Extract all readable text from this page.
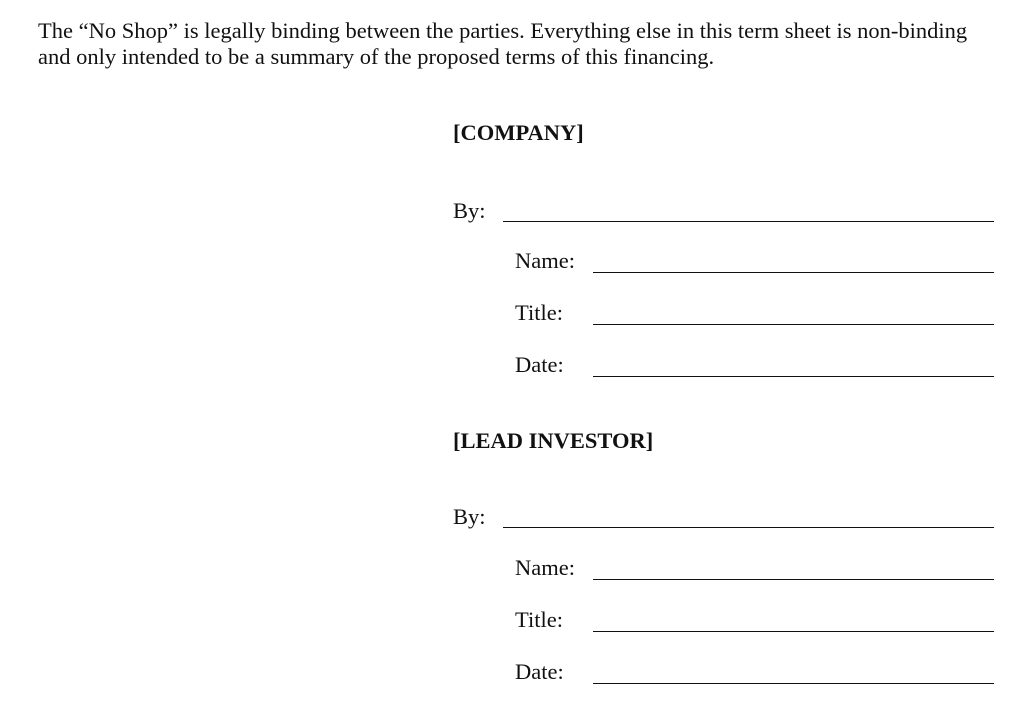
The “No Shop” is legally binding between the parties. Everything else in this term sheet is non-binding
and only intended to be a summary of the proposed terms of this financing.
[COMPANY]
By:
Name:
Title:
Date:
[LEAD INVESTOR]
By:
Name:
Title:
Date:
